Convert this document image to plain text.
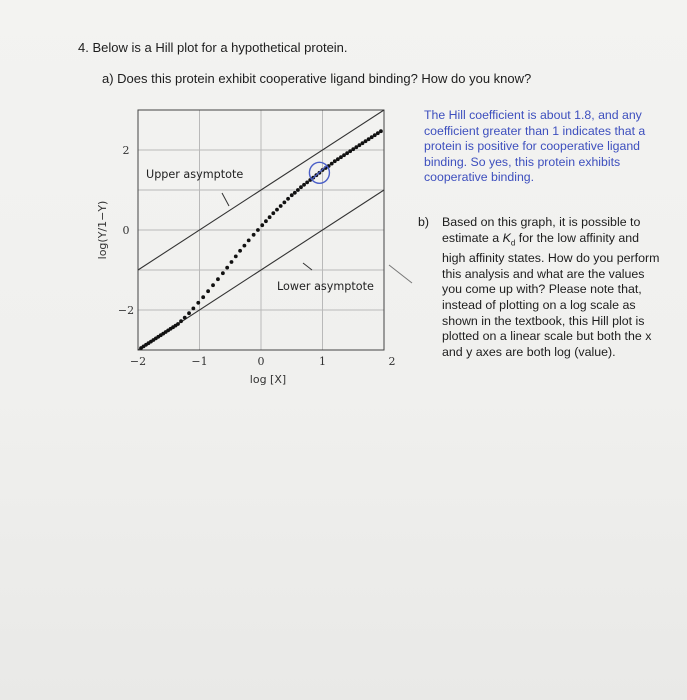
4. Below is a Hill plot for a hypothetical protein.
a) Does this protein exhibit cooperative ligand binding? How do you know?
−2	−1	0	1	2
2
0
−2
Upper asymptote
Lower asymptote
log [X]
log(Y/1−Y)
The Hill coefficient is about 1.8, and any coefficient greater than 1 indicates that a protein is positive for cooperative ligand binding. So yes, this protein exhibits cooperative binding.
b) Based on this graph, it is possible to estimate a $K_d$ for the low affinity and high affinity states. How do you perform this analysis and what are the values you come up with? Please note that, instead of plotting on a log scale as shown in the textbook, this Hill plot is plotted on a linear scale but both the x and y axes are both log (value).
